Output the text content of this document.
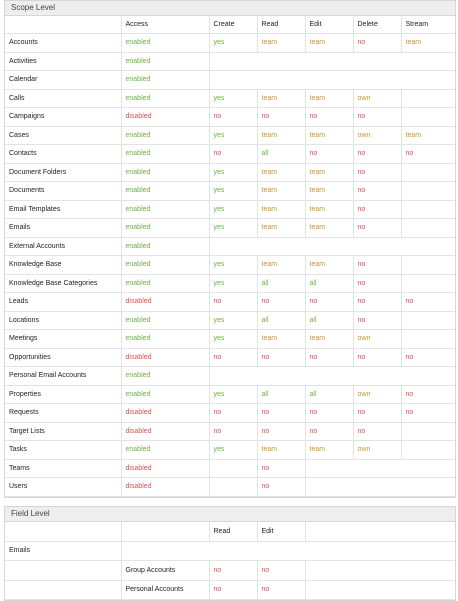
Scope Level
	Access	Create	Read	Edit	Delete	Stream
Accounts	enabled	yes	team	team	no	team
Activities	enabled					
Calendar	enabled					
Calls	enabled	yes	team	team	own	
Campaigns	disabled	no	no	no	no	
Cases	enabled	yes	team	team	own	team
Contacts	enabled	no	all	no	no	no
Document Folders	enabled	yes	team	team	no	
Documents	enabled	yes	team	team	no	
Email Templates	enabled	yes	team	team	no	
Emails	enabled	yes	team	team	no	
External Accounts	enabled					
Knowledge Base	enabled	yes	team	team	no	
Knowledge Base Categories	enabled	yes	all	all	no	
Leads	disabled	no	no	no	no	no
Locations	enabled	yes	all	all	no	
Meetings	enabled	yes	team	team	own	
Opportunities	disabled	no	no	no	no	no
Personal Email Accounts	enabled					
Properties	enabled	yes	all	all	own	no
Requests	disabled	no	no	no	no	no
Target Lists	disabled	no	no	no	no	
Tasks	enabled	yes	team	team	own	
Teams	disabled		no			
Users	disabled		no			
Field Level
		Read	Edit	
Emails				
	Group Accounts	no	no	
	Personal Accounts	no	no	
